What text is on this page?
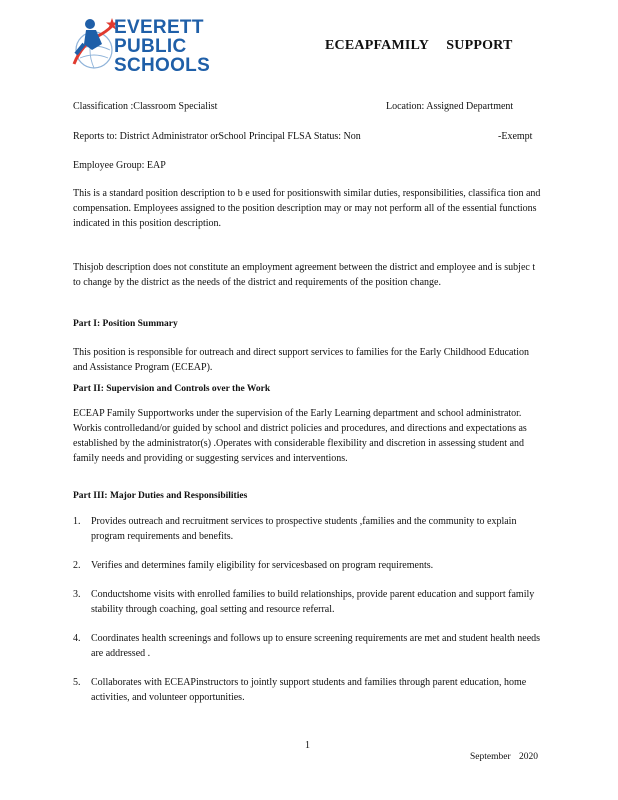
EVERETT
PUBLIC
SCHOOLS
ECEAPFAMILY SUPPORT
Classification :Classroom Specialist	Location: Assigned Department
Reports to: District Administrator orSchool Principal FLSA Status: Non	-Exempt
Employee Group: EAP
This is a standard position description to b e used for positionswith similar duties, responsibilities, classifica tion and compensation. Employees assigned to the position description may or may not perform all of the essential functions indicated in this position description.
Thisjob description does not constitute an employment agreement between the district and employee and is subjec t to change by the district as the needs of the district and requirements of the position change.
Part I: Position Summary
This position is responsible for outreach and direct support services to families for the Early Childhood Education and Assistance Program (ECEAP).
Part II: Supervision and Controls over the Work
ECEAP Family Supportworks under the supervision of the Early Learning department and school administrator. Workis controlledand/or guided by school and district policies and procedures, and directions and expectations as established by the administrator(s) .Operates with considerable flexibility and discretion in assessing student and family needs and providing or suggesting services and interventions.
Part III: Major Duties and Responsibilities
1.	Provides outreach and recruitment services to prospective students ,families and the community to explain program requirements and benefits.
2.	Verifies and determines family eligibility for servicesbased on program requirements.
3.	Conductshome visits with enrolled families to build relationships, provide parent education and support family stability through coaching, goal setting and resource referral.
4.	Coordinates health screenings and follows up to ensure screening requirements are met and student health needs are addressed .
5.	Collaborates with ECEAPinstructors to jointly support students and families through parent education, home activities, and volunteer opportunities.
1
September 2020
